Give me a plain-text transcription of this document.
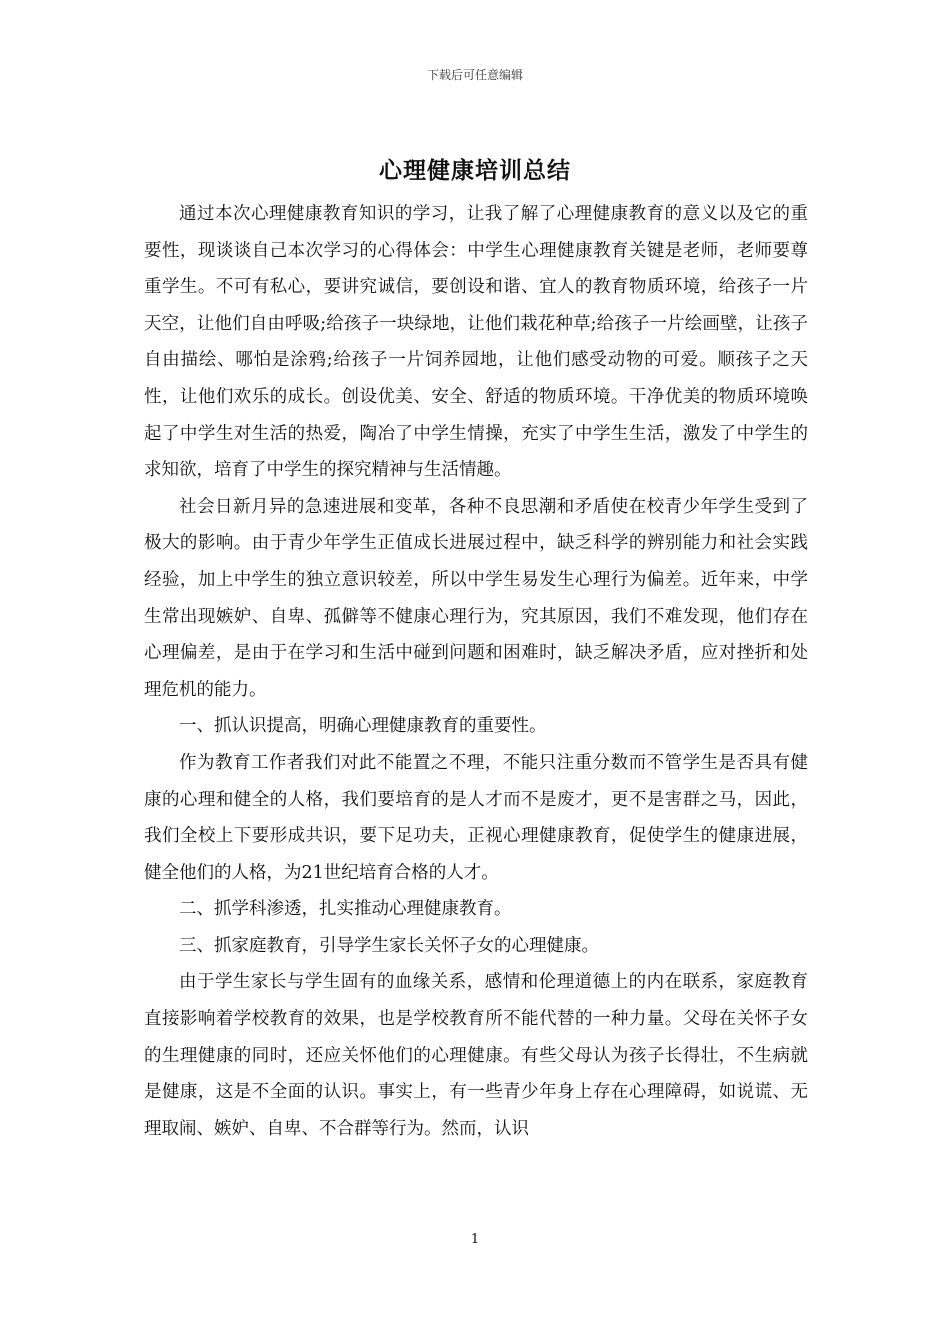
下载后可任意编辑
心理健康培训总结

通过本次心理健康教育知识的学习，让我了解了心理健康教育的意义以及它的重要性，现谈谈自己本次学习的心得体会：中学生心理健康教育关键是老师，老师要尊重学生。不可有私心，要讲究诚信，要创设和谐、宜人的教育物质环境，给孩子一片天空，让他们自由呼吸;给孩子一块绿地，让他们栽花种草;给孩子一片绘画壁，让孩子自由描绘、哪怕是涂鸦;给孩子一片饲养园地，让他们感受动物的可爱。顺孩子之天性，让他们欢乐的成长。创设优美、安全、舒适的物质环境。干净优美的物质环境唤起了中学生对生活的热爱，陶冶了中学生情操，充实了中学生生活，激发了中学生的求知欲，培育了中学生的探究精神与生活情趣。

社会日新月异的急速进展和变革，各种不良思潮和矛盾使在校青少年学生受到了极大的影响。由于青少年学生正值成长进展过程中，缺乏科学的辨别能力和社会实践经验，加上中学生的独立意识较差，所以中学生易发生心理行为偏差。近年来，中学生常出现嫉妒、自卑、孤僻等不健康心理行为，究其原因，我们不难发现，他们存在心理偏差，是由于在学习和生活中碰到问题和困难时，缺乏解决矛盾，应对挫折和处理危机的能力。

一、抓认识提高，明确心理健康教育的重要性。

作为教育工作者我们对此不能置之不理，不能只注重分数而不管学生是否具有健康的心理和健全的人格，我们要培育的是人才而不是废才，更不是害群之马，因此，我们全校上下要形成共识，要下足功夫，正视心理健康教育，促使学生的健康进展，健全他们的人格，为21世纪培育合格的人才。

二、抓学科渗透，扎实推动心理健康教育。

三、抓家庭教育，引导学生家长关怀子女的心理健康。

由于学生家长与学生固有的血缘关系，感情和伦理道德上的内在联系，家庭教育直接影响着学校教育的效果，也是学校教育所不能代替的一种力量。父母在关怀子女的生理健康的同时，还应关怀他们的心理健康。有些父母认为孩子长得壮，不生病就是健康，这是不全面的认识。事实上，有一些青少年身上存在心理障碍，如说谎、无理取闹、嫉妒、自卑、不合群等行为。然而，认识

1
